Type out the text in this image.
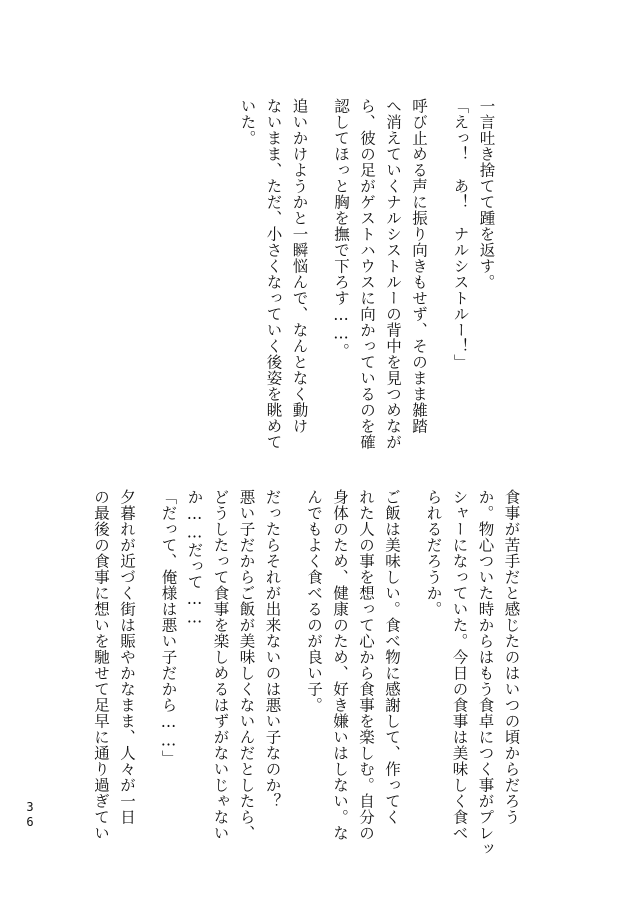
一言吐き捨てて踵を返す。

「えっ！　あ！　ナルシストルー！」

呼び止める声に振り向きもせず、そのまま雑踏

へ消えていくナルシストルーの背中を見つめなが

ら、彼の足がゲストハウスに向かっているのを確

認してほっと胸を撫で下ろす……。

追いかけようかと一瞬悩んで、なんとなく動け

ないまま、ただ、小さくなっていく後姿を眺めて

いた。

食事が苦手だと感じたのはいつの頃からだろう

か。物心ついた時からはもう食卓につく事がプレッ

シャーになっていた。今日の食事は美味しく食べ

られるだろうか。

ご飯は美味しい。食べ物に感謝して、作ってく

れた人の事を想って心から食事を楽しむ。自分の

身体のため、健康のため、好き嫌いはしない。な

んでもよく食べるのが良い子。

だったらそれが出来ないのは悪い子なのか？

悪い子だからご飯が美味しくないんだとしたら、

どうしたって食事を楽しめるはずがないじゃない

か……だって……

「だって、俺様は悪い子だから……」

夕暮れが近づく街は賑やかなまま、人々が一日

の最後の食事に想いを馳せて足早に通り過ぎてい

36
